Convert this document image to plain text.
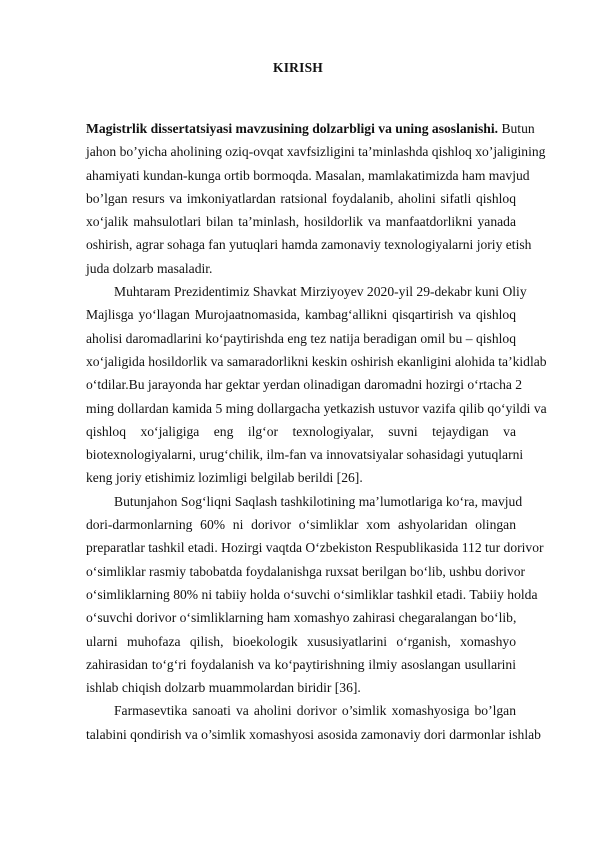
KIRISH
Magistrlik dissertatsiyasi mavzusining dolzarbligi va uning asoslanishi. Butun
jahon bo’yicha aholining oziq-ovqat xavfsizligini ta’minlashda qishloq xo’jaligining
ahamiyati kundan-kunga ortib bormoqda. Masalan, mamlakatimizda ham mavjud
bo’lgan resurs va imkoniyatlardan ratsional foydalanib, aholini sifatli qishloq
xo‘jalik mahsulotlari bilan ta’minlash, hosildorlik va manfaatdorlikni yanada
oshirish, agrar sohaga fan yutuqlari hamda zamonaviy texnologiyalarni joriy etish
juda dolzarb masaladir.
Muhtaram Prezidentimiz Shavkat Mirziyoyev 2020-yil 29-dekabr kuni Oliy
Majlisga yo‘llagan Murojaatnomasida, kambag‘allikni qisqartirish va qishloq
aholisi daromadlarini ko‘paytirishda eng tez natija beradigan omil bu – qishloq
xo‘jaligida hosildorlik va samaradorlikni keskin oshirish ekanligini alohida ta’kidlab
o‘tdilar.Bu jarayonda har gektar yerdan olinadigan daromadni hozirgi o‘rtacha 2
ming dollardan kamida 5 ming dollargacha yetkazish ustuvor vazifa qilib qo‘yildi va
qishloq xo‘jaligiga eng ilg‘or texnologiyalar, suvni tejaydigan va
biotexnologiyalarni, urug‘chilik, ilm-fan va innovatsiyalar sohasidagi yutuqlarni
keng joriy etishimiz lozimligi belgilab berildi [26].
Butunjahon Sog‘liqni Saqlash tashkilotining ma’lumotlariga ko‘ra, mavjud
dori-darmonlarning 60% ni dorivor o‘simliklar xom ashyolaridan olingan
preparatlar tashkil etadi. Hozirgi vaqtda O‘zbekiston Respublikasida 112 tur dorivor
o‘simliklar rasmiy tabobatda foydalanishga ruxsat berilgan bo‘lib, ushbu dorivor
o‘simliklarning 80% ni tabiiy holda o‘suvchi o‘simliklar tashkil etadi. Tabiiy holda
o‘suvchi dorivor o‘simliklarning ham xomashyo zahirasi chegaralangan bo‘lib,
ularni muhofaza qilish, bioekologik xususiyatlarini o‘rganish, xomashyo
zahirasidan to‘g‘ri foydalanish va ko‘paytirishning ilmiy asoslangan usullarini
ishlab chiqish dolzarb muammolardan biridir [36].
Farmasevtika sanoati va aholini dorivor o’simlik xomashyosiga bo’lgan
talabini qondirish va o’simlik xomashyosi asosida zamonaviy dori darmonlar ishlab
